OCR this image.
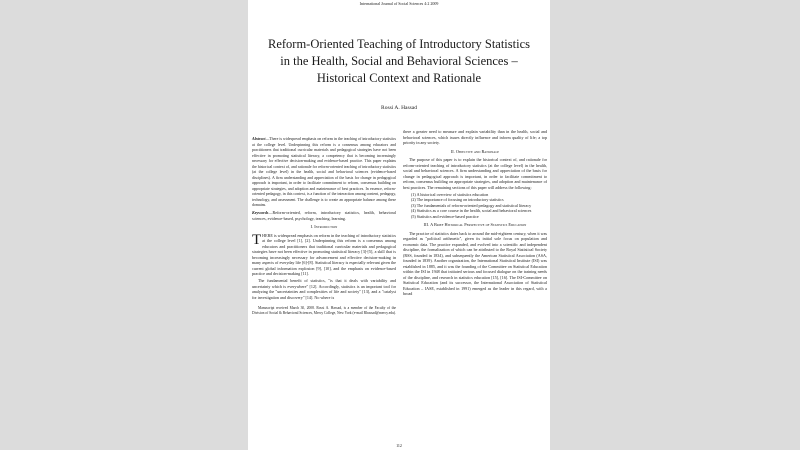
International Journal of Social Sciences 4:2 2009
Reform-Oriented Teaching of Introductory Statistics in the Health, Social and Behavioral Sciences – Historical Context and Rationale
Rossi A. Hassad

Abstract—There is widespread emphasis on reform in the teaching of introductory statistics at the college level. Underpinning this reform is a consensus among educators and practitioners that traditional curricular materials and pedagogical strategies have not been effective in promoting statistical literacy, a competency that is becoming increasingly necessary for effective decision-making and evidence-based practice. This paper explains the historical context of, and rationale for reform-oriented teaching of introductory statistics (at the college level) in the health, social and behavioral sciences (evidence-based disciplines). A firm understanding and appreciation of the basis for change in pedagogical approach is important, in order to facilitate commitment to reform, consensus building on appropriate strategies, and adoption and maintenance of best practices. In essence, reform-oriented pedagogy, in this context, is a function of the interaction among content, pedagogy, technology, and assessment. The challenge is to create an appropriate balance among these domains.

Keywords—Reform-oriented, reform, introductory statistics, health, behavioral sciences, evidence-based, psychology, teaching, learning.

I. Introduction

THERE is widespread emphasis on reform in the teaching of introductory statistics at the college level [1], [2]. Underpinning this reform is a consensus among educators and practitioners that traditional curricular materials and pedagogical strategies have not been effective in promoting statistical literacy [3]-[5], a skill that is becoming increasingly necessary for advancement and effective decision-making in many aspects of everyday life [6]-[8]. Statistical literacy is especially relevant given the current global information explosion [9], [10], and the emphasis on evidence-based practice and decision-making [11].

The fundamental benefit of statistics, "is that it deals with variability and uncertainty which is everywhere" [12]. Accordingly, statistics is an important tool for analyzing the "uncertainties and complexities of life and society" [13], and a "catalyst for investigation and discovery" [14]. No where is

Manuscript received March 30, 2008. Rossi A. Hassad, is a member of the Faculty of the Division of Social & Behavioral Sciences, Mercy College, New York (e-mail Rhassad@mercy.edu).

there a greater need to measure and explain variability than in the health, social and behavioral sciences, which issues directly influence and inform quality of life; a top priority in any society.

II. Objective and Rationale

The purpose of this paper is to explain the historical context of, and rationale for reform-oriented teaching of introductory statistics (at the college level) in the health, social and behavioral sciences. A firm understanding and appreciation of the basis for change in pedagogical approach is important, in order to facilitate commitment to reform, consensus building on appropriate strategies, and adoption and maintenance of best practices. The remaining sections of this paper will address the following:

(1) A historical overview of statistics education
(2) The importance of focusing on introductory statistics
(3) The fundamentals of reform-oriented pedagogy and statistical literacy
(4) Statistics as a core course in the health, social and behavioral sciences
(5) Statistics and evidence-based practice
III. A Brief Historical Perspective of Statistics Education

The practice of statistics dates back to around the mid-eighteen century, when it was regarded as "political arithmetic", given its initial sole focus on population and economic data. The practice expanded, and evolved into a scientific and independent discipline, the formalization of which can be attributed to the Royal Statistical Society (RSS, founded in 1834), and subsequently the American Statistical Association (ASA, founded in 1839). Another organization, the International Statistical Institute (ISI) was established in 1885, and it was the founding of the Committee on Statistical Education within the ISI in 1948 that initiated serious and focused dialogue on the training needs of the discipline, and research in statistics education [15], [16]. The ISI-Committee on Statistical Education (and its successor, the International Association of Statistical Education – IASE, established in 1991) emerged as the leader in this regard, with a broad

112
